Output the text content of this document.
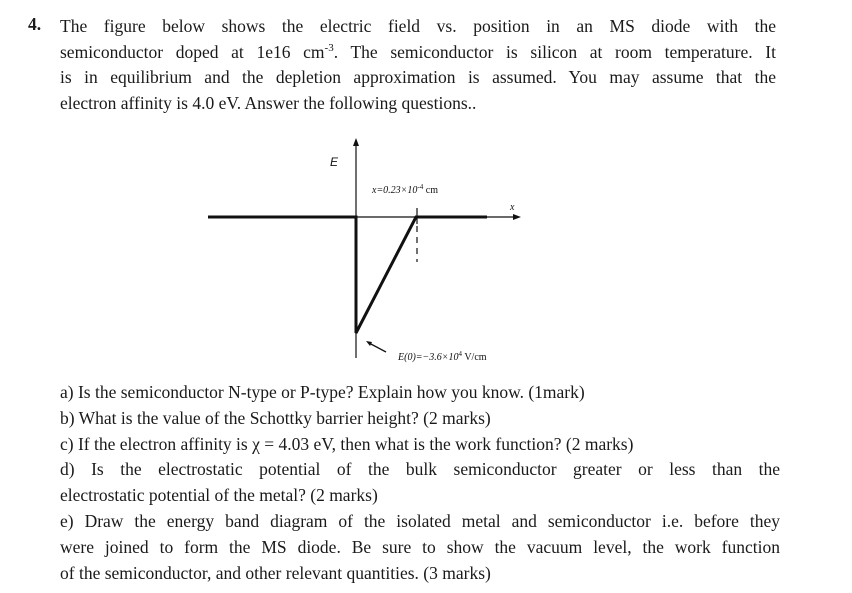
4. The figure below shows the electric field vs. position in an MS diode with the
semiconductor doped at 1e16 $cm^{-3}$. The semiconductor is silicon at room temperature. It
is in equilibrium and the depletion approximation is assumed. You may assume that the
electron affinity is 4.0 eV. Answer the following questions..
E
x
$x=0.23\times 10^{-4}$ cm
$E(0)=-3.6\times 10^4$ V/cm
a) Is the semiconductor N-type or P-type? Explain how you know. (1mark)
b) What is the value of the Schottky barrier height? (2 marks)
c) If the electron affinity is χ = 4.03 eV, then what is the work function? (2 marks)
d) Is the electrostatic potential of the bulk semiconductor greater or less than the
electrostatic potential of the metal? (2 marks)
e) Draw the energy band diagram of the isolated metal and semiconductor i.e. before they
were joined to form the MS diode. Be sure to show the vacuum level, the work function
of the semiconductor, and other relevant quantities. (3 marks)
